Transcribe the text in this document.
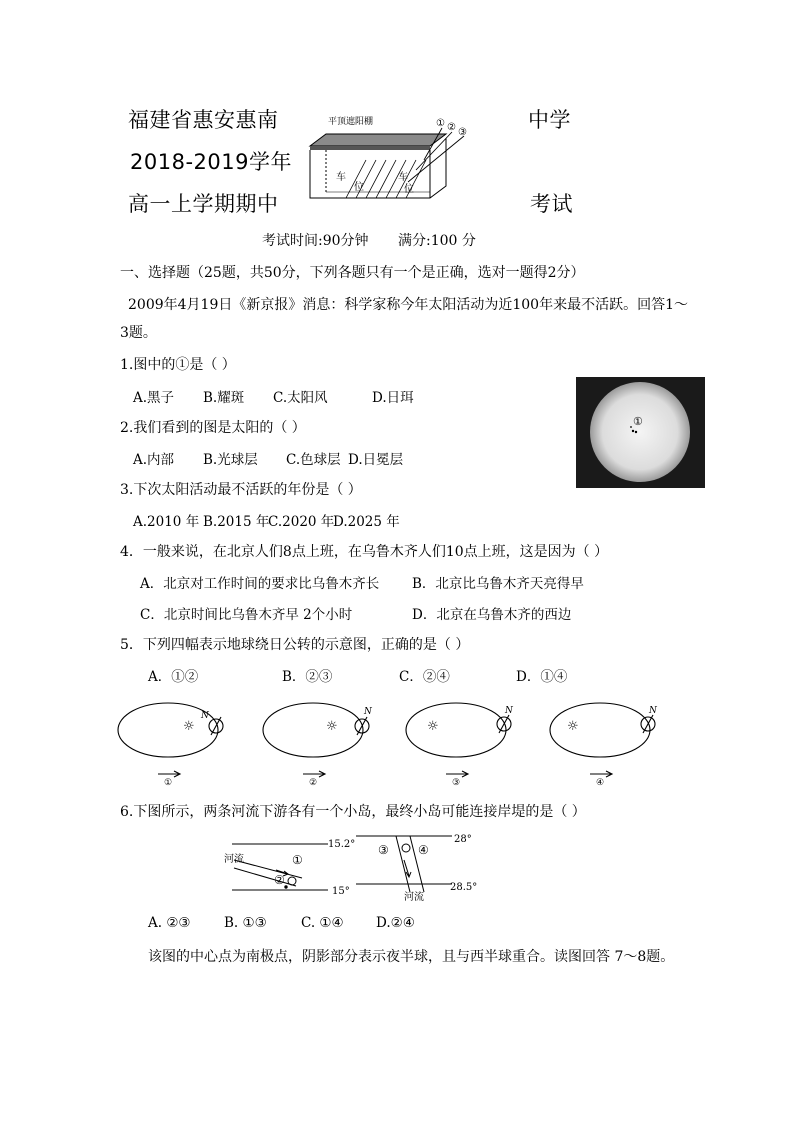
福建省惠安惠南	中学
2018-2019学年
高一上学期期中	考试
平顶遮阳棚
车
位
车
位
① ② ③
考试时间:90分钟 满分:100 分
一、选择题（25题，共50分，下列各题只有一个是正确，选对一题得2分）
2009年4月19日《新京报》消息：科学家称今年太阳活动为近100年来最不活跃。回答1～
3题。
①
1.图中的①是（ ）
A.黑子 B.耀斑 C.太阳风	D.日珥
2.我们看到的图是太阳的（ ）
A.内部 B.光球层 C.色球层 D.日冕层
3.下次太阳活动最不活跃的年份是（ ）
A.2010 年 B.2015 年
C.2020 年
D.2025 年
4．一般来说，在北京人们8点上班，在乌鲁木齐人们10点上班，这是因为（ ）
A．北京对工作时间的要求比乌鲁木齐长 B．北京比乌鲁木齐天亮得早
C．北京时间比乌鲁木齐早 2个小时	D．北京在乌鲁木齐的西边
5．下列四幅表示地球绕日公转的示意图，正确的是（ ）
A．①②	B．②③	C．②④	D．①④
☼	☼	☼	☼
N	N	N	N
①	②	③	④
6.下图所示，两条河流下游各有一个小岛，最终小岛可能连接岸堤的是（ ）
15.2°
15°
河流	①
②
28°
28.5°
河流
③ ④
A. ②③ B. ①③	C. ①④ D.②④
该图的中心点为南极点，阴影部分表示夜半球，且与西半球重合。读图回答 7～8题。
